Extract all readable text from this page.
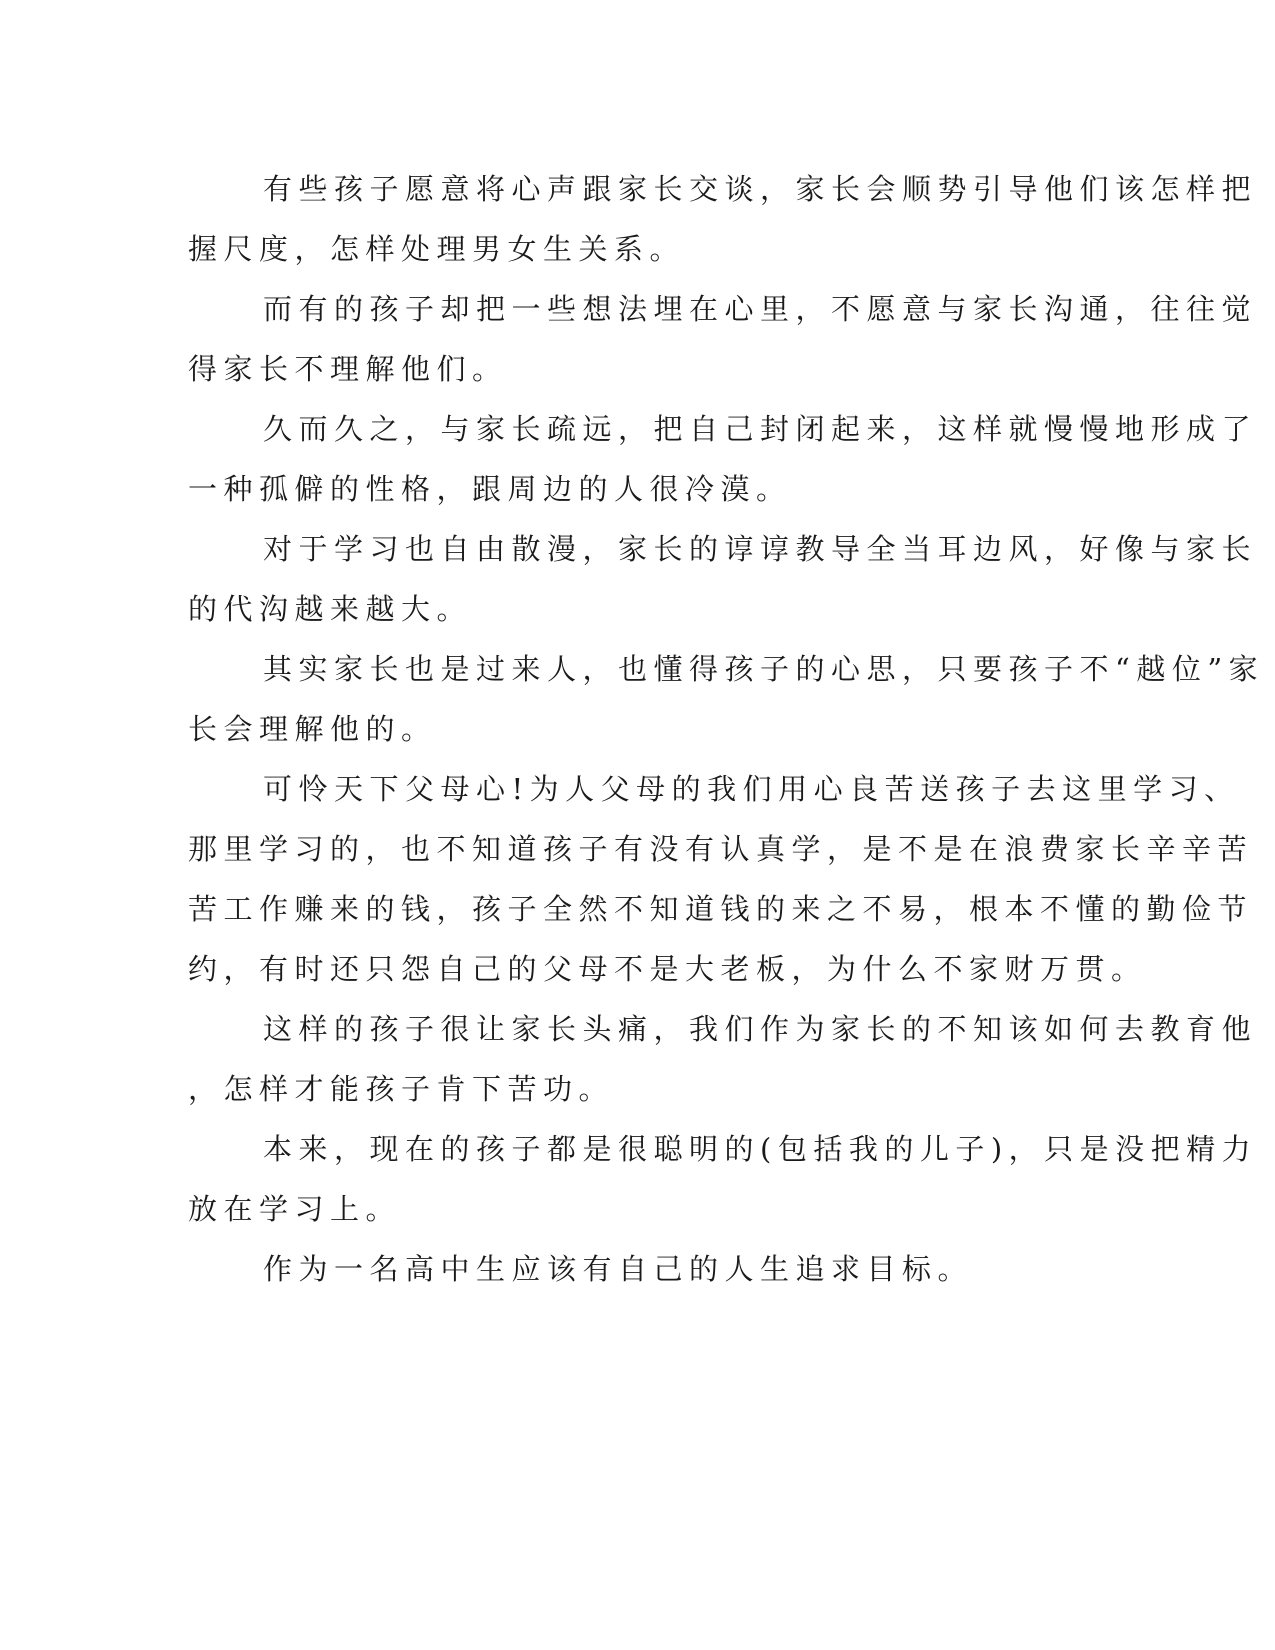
有些孩子愿意将心声跟家长交谈，家长会顺势引导他们该怎样把
握尺度，怎样处理男女生关系。

而有的孩子却把一些想法埋在心里，不愿意与家长沟通，往往觉
得家长不理解他们。

久而久之，与家长疏远，把自己封闭起来，这样就慢慢地形成了
一种孤僻的性格，跟周边的人很冷漠。

对于学习也自由散漫，家长的谆谆教导全当耳边风，好像与家长
的代沟越来越大。

其实家长也是过来人，也懂得孩子的心思，只要孩子不“越位”家
长会理解他的。

可怜天下父母心!为人父母的我们用心良苦送孩子去这里学习、
那里学习的，也不知道孩子有没有认真学，是不是在浪费家长辛辛苦
苦工作赚来的钱，孩子全然不知道钱的来之不易，根本不懂的勤俭节
约，有时还只怨自己的父母不是大老板，为什么不家财万贯。

这样的孩子很让家长头痛，我们作为家长的不知该如何去教育他
，怎样才能孩子肯下苦功。

本来，现在的孩子都是很聪明的(包括我的儿子)，只是没把精力
放在学习上。

作为一名高中生应该有自己的人生追求目标。
